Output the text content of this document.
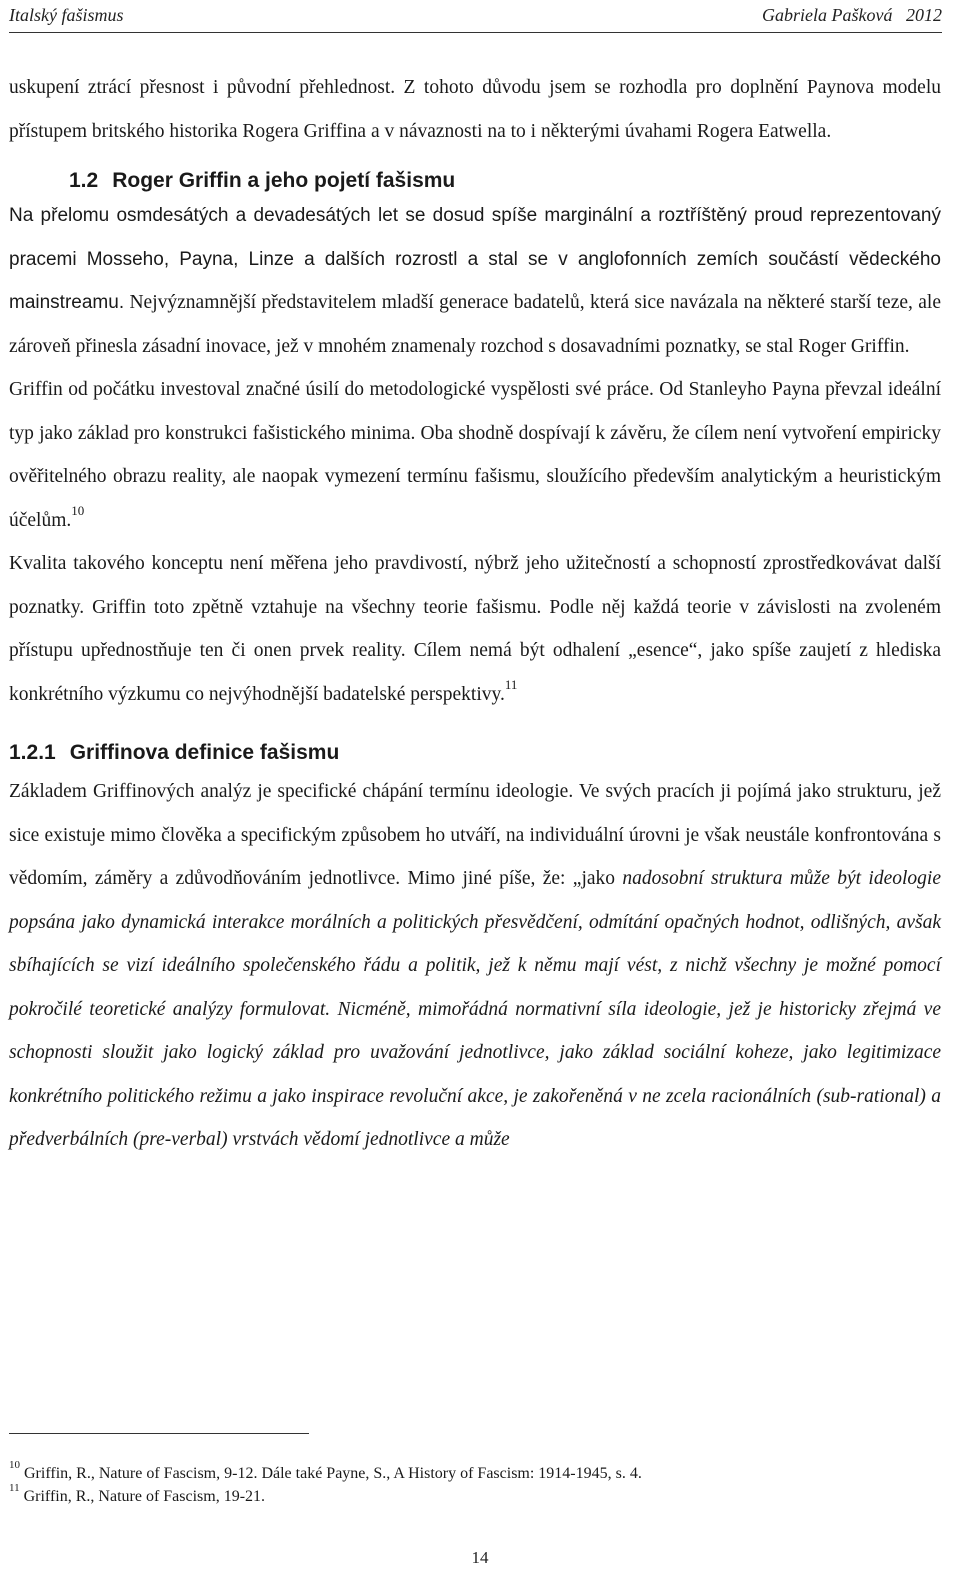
Italský fašismus	Gabriela Pašková   2012

uskupení ztrácí přesnost i původní přehlednost. Z tohoto důvodu jsem se rozhodla pro doplnění Paynova modelu přístupem britského historika Rogera Griffina a v návaznosti na to i některými úvahami Rogera Eatwella.

1.2 Roger Griffin a jeho pojetí fašismu

Na přelomu osmdesátých a devadesátých let se dosud spíše marginální a roztříštěný proud reprezentovaný pracemi Mosseho, Payna, Linze a dalších rozrostl a stal se v anglofonních zemích součástí vědeckého mainstreamu. Nejvýznamnější představitelem mladší generace badatelů, která sice navázala na některé starší teze, ale zároveň přinesla zásadní inovace, jež v mnohém znamenaly rozchod s dosavadními poznatky, se stal Roger Griffin.

Griffin od počátku investoval značné úsilí do metodologické vyspělosti své práce. Od Stanleyho Payna převzal ideální typ jako základ pro konstrukci fašistického minima. Oba shodně dospívají k závěru, že cílem není vytvoření empiricky ověřitelného obrazu reality, ale naopak vymezení termínu fašismu, sloužícího především analytickým a heuristickým účelům.$^{10}$

Kvalita takového konceptu není měřena jeho pravdivostí, nýbrž jeho užitečností a schopností zprostředkovávat další poznatky. Griffin toto zpětně vztahuje na všechny teorie fašismu. Podle něj každá teorie v závislosti na zvoleném přístupu upřednostňuje ten či onen prvek reality. Cílem nemá být odhalení „esence“, jako spíše zaujetí z hlediska konkrétního výzkumu co nejvýhodnější badatelské perspektivy.$^{11}$

1.2.1 Griffinova definice fašismu

Základem Griffinových analýz je specifické chápání termínu ideologie. Ve svých pracích ji pojímá jako strukturu, jež sice existuje mimo člověka a specifickým způsobem ho utváří, na individuální úrovni je však neustále konfrontována s vědomím, záměry a zdůvodňováním jednotlivce. Mimo jiné píše, že: „jako nadosobní struktura může být ideologie popsána jako dynamická interakce morálních a politických přesvědčení, odmítání opačných hodnot, odlišných, avšak sbíhajících se vizí ideálního společenského řádu a politik, jež k němu mají vést, z nichž všechny je možné pomocí pokročilé teoretické analýzy formulovat. Nicméně, mimořádná normativní síla ideologie, jež je historicky zřejmá ve schopnosti sloužit jako logický základ pro uvažování jednotlivce, jako základ sociální koheze, jako legitimizace konkrétního politického režimu a jako inspirace revoluční akce, je zakořeněná v ne zcela racionálních (sub-rational) a předverbálních (pre-verbal) vrstvách vědomí jednotlivce a může

$^{10}$Griffin, R., Nature of Fascism, 9-12. Dále také Payne, S., A History of Fascism: 1914-1945, s. 4.
$^{11}$Griffin, R., Nature of Fascism, 19-21.
14
